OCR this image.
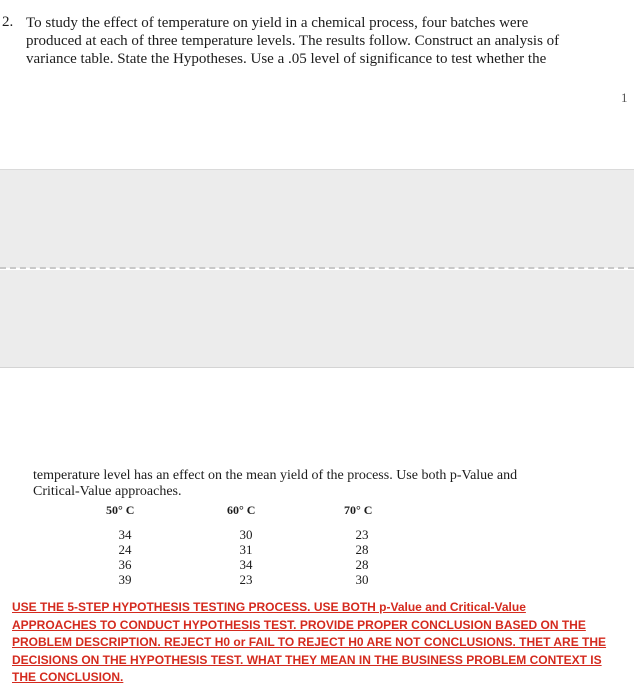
2. To study the effect of temperature on yield in a chemical process, four batches were
produced at each of three temperature levels. The results follow. Construct an analysis of
variance table. State the Hypotheses. Use a .05 level of significance to test whether the
1
temperature level has an effect on the mean yield of the process. Use both p-Value and
Critical-Value approaches.
50° C	60° C	70° C
34
24
36
39
30
31
34
23
23
28
28
30
USE THE 5-STEP HYPOTHESIS TESTING PROCESS. USE BOTH p-Value and Critical-Value
APPROACHES TO CONDUCT HYPOTHESIS TEST. PROVIDE PROPER CONCLUSION BASED ON THE
PROBLEM DESCRIPTION. REJECT H0 or FAIL TO REJECT H0 ARE NOT CONCLUSIONS. THET ARE THE
DECISIONS ON THE HYPOTHESIS TEST. WHAT THEY MEAN IN THE BUSINESS PROBLEM CONTEXT IS
THE CONCLUSION.
